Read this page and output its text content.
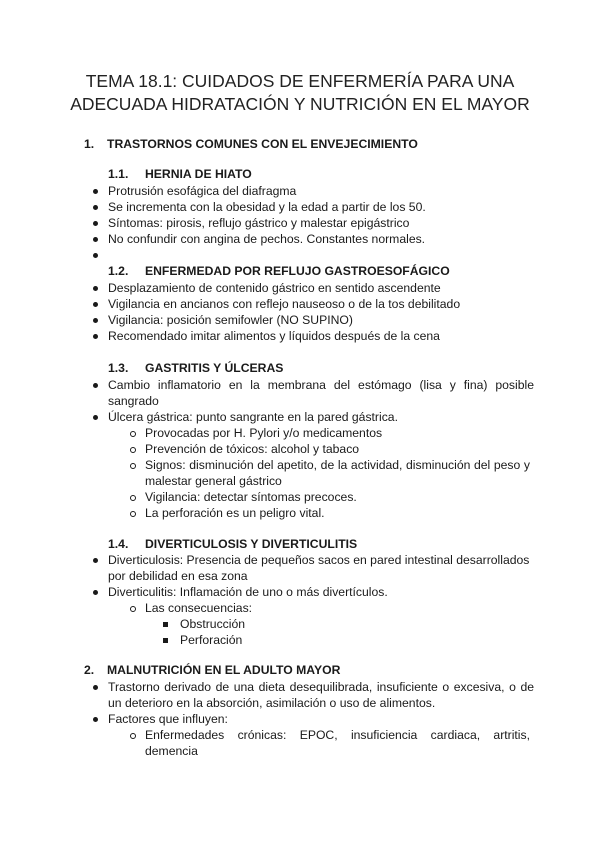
TEMA 18.1: CUIDADOS DE ENFERMERÍA PARA UNA ADECUADA HIDRATACIÓN Y NUTRICIÓN EN EL MAYOR
1. TRASTORNOS COMUNES CON EL ENVEJECIMIENTO
1.1. HERNIA DE HIATO
Protrusión esofágica del diafragma
Se incrementa con la obesidad y la edad a partir de los 50.
Síntomas: pirosis, reflujo gástrico y malestar epigástrico
No confundir con angina de pechos. Constantes normales.
1.2. ENFERMEDAD POR REFLUJO GASTROESOFÁGICO
Desplazamiento de contenido gástrico en sentido ascendente
Vigilancia en ancianos con reflejo nauseoso o de la tos debilitado
Vigilancia: posición semifowler (NO SUPINO)
Recomendado imitar alimentos y líquidos después de la cena
1.3. GASTRITIS Y ÚLCERAS
Cambio inflamatorio en la membrana del estómago (lisa y fina) posible sangrado
Úlcera gástrica: punto sangrante en la pared gástrica.
Provocadas por H. Pylori y/o medicamentos
Prevención de tóxicos: alcohol y tabaco
Signos: disminución del apetito, de la actividad, disminución del peso y malestar general gástrico
Vigilancia: detectar síntomas precoces.
La perforación es un peligro vital.
1.4. DIVERTICULOSIS Y DIVERTICULITIS
Diverticulosis: Presencia de pequeños sacos en pared intestinal desarrollados por debilidad en esa zona
Diverticulitis: Inflamación de uno o más divertículos.
Las consecuencias:
Obstrucción
Perforación
2. MALNUTRICIÓN EN EL ADULTO MAYOR
Trastorno derivado de una dieta desequilibrada, insuficiente o excesiva, o de un deterioro en la absorción, asimilación o uso de alimentos.
Factores que influyen:
Enfermedades crónicas: EPOC, insuficiencia cardiaca, artritis, demencia
